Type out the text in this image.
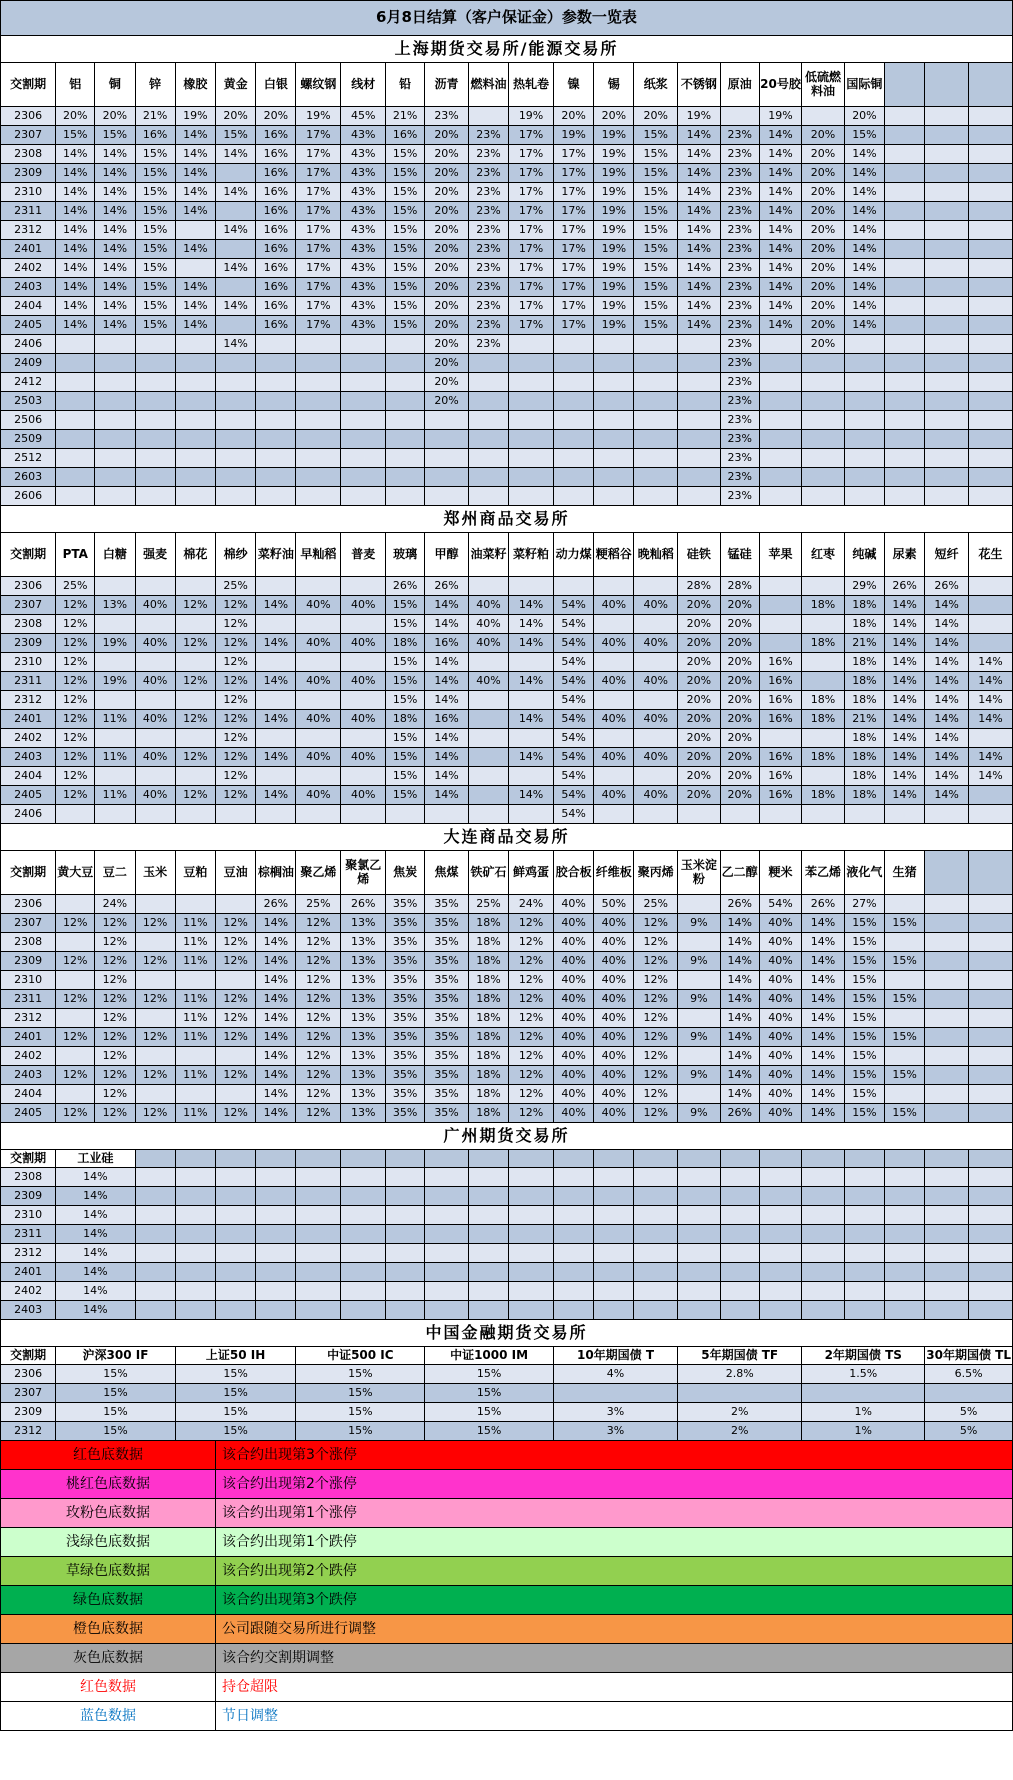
6月8日结算（客户保证金）参数一览表																							
上海期货交易所/能源交易所																							
交割期	铝	铜	锌	橡胶	黄金	白银	螺纹钢	线材	铅	沥青	燃料油	热轧卷	镍	锡	纸浆	不锈钢	原油	20号胶	低硫燃料油	国际铜			
2306	20%	20%	21%	19%	20%	20%	19%	45%	21%	23%		19%	20%	20%	20%	19%		19%		20%			
2307	15%	15%	16%	14%	15%	16%	17%	43%	16%	20%	23%	17%	19%	19%	15%	14%	23%	14%	20%	15%			
2308	14%	14%	15%	14%	14%	16%	17%	43%	15%	20%	23%	17%	17%	19%	15%	14%	23%	14%	20%	14%			
2309	14%	14%	15%	14%		16%	17%	43%	15%	20%	23%	17%	17%	19%	15%	14%	23%	14%	20%	14%			
2310	14%	14%	15%	14%	14%	16%	17%	43%	15%	20%	23%	17%	17%	19%	15%	14%	23%	14%	20%	14%			
2311	14%	14%	15%	14%		16%	17%	43%	15%	20%	23%	17%	17%	19%	15%	14%	23%	14%	20%	14%			
2312	14%	14%	15%		14%	16%	17%	43%	15%	20%	23%	17%	17%	19%	15%	14%	23%	14%	20%	14%			
2401	14%	14%	15%	14%		16%	17%	43%	15%	20%	23%	17%	17%	19%	15%	14%	23%	14%	20%	14%			
2402	14%	14%	15%		14%	16%	17%	43%	15%	20%	23%	17%	17%	19%	15%	14%	23%	14%	20%	14%			
2403	14%	14%	15%	14%		16%	17%	43%	15%	20%	23%	17%	17%	19%	15%	14%	23%	14%	20%	14%			
2404	14%	14%	15%	14%	14%	16%	17%	43%	15%	20%	23%	17%	17%	19%	15%	14%	23%	14%	20%	14%			
2405	14%	14%	15%	14%		16%	17%	43%	15%	20%	23%	17%	17%	19%	15%	14%	23%	14%	20%	14%			
2406					14%					20%	23%						23%		20%				
2409										20%							23%						
2412										20%							23%						
2503										20%							23%						
2506																	23%						
2509																	23%						
2512																	23%						
2603																	23%						
2606																	23%						
郑州商品交易所																							
交割期	PTA	白糖	强麦	棉花	棉纱	菜籽油	早籼稻	普麦	玻璃	甲醇	油菜籽	菜籽粕	动力煤	粳稻谷	晚籼稻	硅铁	锰硅	苹果	红枣	纯碱	尿素	短纤	花生
2306	25%				25%				26%	26%						28%	28%			29%	26%	26%	
2307	12%	13%	40%	12%	12%	14%	40%	40%	15%	14%	40%	14%	54%	40%	40%	20%	20%		18%	18%	14%	14%	
2308	12%				12%				15%	14%	40%	14%	54%			20%	20%			18%	14%	14%	
2309	12%	19%	40%	12%	12%	14%	40%	40%	18%	16%	40%	14%	54%	40%	40%	20%	20%		18%	21%	14%	14%	
2310	12%				12%				15%	14%			54%			20%	20%	16%		18%	14%	14%	14%
2311	12%	19%	40%	12%	12%	14%	40%	40%	15%	14%	40%	14%	54%	40%	40%	20%	20%	16%		18%	14%	14%	14%
2312	12%				12%				15%	14%			54%			20%	20%	16%	18%	18%	14%	14%	14%
2401	12%	11%	40%	12%	12%	14%	40%	40%	18%	16%		14%	54%	40%	40%	20%	20%	16%	18%	21%	14%	14%	14%
2402	12%				12%				15%	14%			54%			20%	20%			18%	14%	14%	
2403	12%	11%	40%	12%	12%	14%	40%	40%	15%	14%		14%	54%	40%	40%	20%	20%	16%	18%	18%	14%	14%	14%
2404	12%				12%				15%	14%			54%			20%	20%	16%		18%	14%	14%	14%
2405	12%	11%	40%	12%	12%	14%	40%	40%	15%	14%		14%	54%	40%	40%	20%	20%	16%	18%	18%	14%	14%	
2406													54%										
大连商品交易所																							
交割期	黄大豆	豆二	玉米	豆粕	豆油	棕榈油	聚乙烯	聚氯乙烯	焦炭	焦煤	铁矿石	鲜鸡蛋	胶合板	纤维板	聚丙烯	玉米淀粉	乙二醇	粳米	苯乙烯	液化气	生猪		
2306		24%				26%	25%	26%	35%	35%	25%	24%	40%	50%	25%		26%	54%	26%	27%			
2307	12%	12%	12%	11%	12%	14%	12%	13%	35%	35%	18%	12%	40%	40%	12%	9%	14%	40%	14%	15%	15%		
2308		12%		11%	12%	14%	12%	13%	35%	35%	18%	12%	40%	40%	12%		14%	40%	14%	15%			
2309	12%	12%	12%	11%	12%	14%	12%	13%	35%	35%	18%	12%	40%	40%	12%	9%	14%	40%	14%	15%	15%		
2310		12%				14%	12%	13%	35%	35%	18%	12%	40%	40%	12%		14%	40%	14%	15%			
2311	12%	12%	12%	11%	12%	14%	12%	13%	35%	35%	18%	12%	40%	40%	12%	9%	14%	40%	14%	15%	15%		
2312		12%		11%	12%	14%	12%	13%	35%	35%	18%	12%	40%	40%	12%		14%	40%	14%	15%			
2401	12%	12%	12%	11%	12%	14%	12%	13%	35%	35%	18%	12%	40%	40%	12%	9%	14%	40%	14%	15%	15%		
2402		12%				14%	12%	13%	35%	35%	18%	12%	40%	40%	12%		14%	40%	14%	15%			
2403	12%	12%	12%	11%	12%	14%	12%	13%	35%	35%	18%	12%	40%	40%	12%	9%	14%	40%	14%	15%	15%		
2404		12%				14%	12%	13%	35%	35%	18%	12%	40%	40%	12%		14%	40%	14%	15%			
2405	12%	12%	12%	11%	12%	14%	12%	13%	35%	35%	18%	12%	40%	40%	12%	9%	26%	40%	14%	15%	15%		
广州期货交易所																							
交割期	工业硅																						
2308	14%																						
2309	14%																						
2310	14%																						
2311	14%																						
2312	14%																						
2401	14%																						
2402	14%																						
2403	14%																						
中国金融期货交易所																							
交割期	沪深300 IF			上证50 IH			中证500 IC			中证1000 IM			10年期国债 T			5年期国债 TF			2年期国债 TS			30年期国债 TL	
2306	15%			15%			15%			15%			4%			2.8%			1.5%			6.5%	
2307	15%			15%			15%			15%													
2309	15%			15%			15%			15%			3%			2%			1%			5%	
2312	15%			15%			15%			15%			3%			2%			1%			5%	
红色底数据					该合约出现第3个涨停																		
桃红色底数据					该合约出现第2个涨停																		
玫粉色底数据					该合约出现第1个涨停																		
浅绿色底数据					该合约出现第1个跌停																		
草绿色底数据					该合约出现第2个跌停																		
绿色底数据					该合约出现第3个跌停																		
橙色底数据					公司跟随交易所进行调整																		
灰色底数据					该合约交割期调整																		
红色数据					持仓超限																		
蓝色数据					节日调整																		
